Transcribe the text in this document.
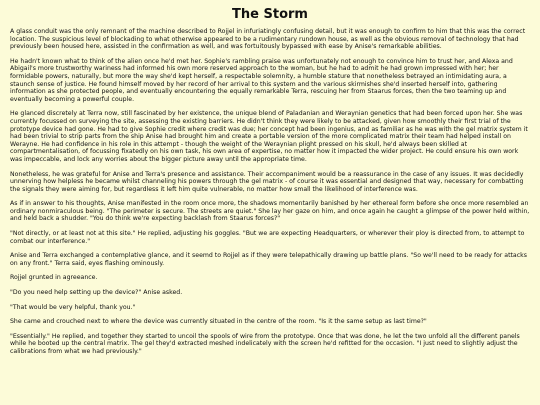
The Storm

A glass conduit was the only remnant of the machine described to Rojjel in infuriatingly confusing detail, but it was enough to confirm to him that this was the correct location. The suspicious level of blockading to what otherwise appeared to be a rudimentary rundown house, as well as the obvious removal of technology that had previously been housed here, assisted in the confirmation as well, and was fortuitously bypassed with ease by Anise's remarkable abilities.

He hadn't known what to think of the alien once he'd met her. Sophie's rambling praise was unfortunately not enough to convince him to trust her, and Alexa and Abigail's more trustworthy wariness had informed his own more reserved approach to the woman, but he had to admit he had grown impressed with her; her formidable powers, naturally, but more the way she'd kept herself, a respectable solemnity, a humble stature that nonetheless betrayed an intimidating aura, a staunch sense of justice. He found himself moved by her record of her arrival to this system and the various skirmishes she'd inserted herself into, gathering information as she protected people, and eventually encountering the equally remarkable Terra, rescuing her from Staarus forces, then the two teaming up and eventually becoming a powerful couple.

He glanced discretely at Terra now, still fascinated by her existence, the unique blend of Paladanian and Weraynian genetics that had been forced upon her. She was currently focussed on surveying the site, assessing the existing barriers. He didn't think they were likely to be attacked, given how smoothly their first trial of the prototype device had gone. He had to give Sophie credit where credit was due; her concept had been ingenius, and as familiar as he was with the gel matrix system it had been trivial to strip parts from the ship Anise had brought him and create a portable version of the more complicated matrix their team had helped install on Werayne. He had confidence in his role in this attempt - though the weight of the Weraynian plight pressed on his skull, he'd always been skilled at compartmentalisation, of focussing fixatedly on his own task, his own area of expertise, no matter how it impacted the wider project. He could ensure his own work was impeccable, and lock any worries about the bigger picture away until the appropriate time.

Nonetheless, he was grateful for Anise and Terra's presence and assistance. Their accompaniment would be a reassurance in the case of any issues. It was decidedly unnerving how helpless he became whilst channeling his powers through the gel matrix - of course it was essential and designed that way, necessary for combatting the signals they were aiming for, but regardless it left him quite vulnerable, no matter how small the likelihood of interference was.

As if in answer to his thoughts, Anise manifested in the room once more, the shadows momentarily banished by her ethereal form before she once more resembled an ordinary nonmiraculous being. "The perimeter is secure. The streets are quiet." She lay her gaze on him, and once again he caught a glimpse of the power held within, and held back a shudder. "You do think we're expecting backlash from Staarus forces?"

"Not directly, or at least not at this site." He replied, adjusting his goggles. "But we are expecting Headquarters, or wherever their ploy is directed from, to attempt to combat our interference."

Anise and Terra exchanged a contemplative glance, and it seemd to Rojjel as if they were telepathically drawing up battle plans. "So we'll need to be ready for attacks on any front." Terra said, eyes flashing ominously.

Rojjel grunted in agreeance.

"Do you need help setting up the device?" Anise asked.

"That would be very helpful, thank you."

She came and crouched next to where the device was currently situated in the centre of the room. "Is it the same setup as last time?"

"Essentially." He replied, and together they started to uncoil the spools of wire from the prototype. Once that was done, he let the two unfold all the different panels while he booted up the central matrix. The gel they'd extracted meshed indelicately with the screen he'd refitted for the occasion. "I just need to slightly adjust the calibrations from what we had previously."
